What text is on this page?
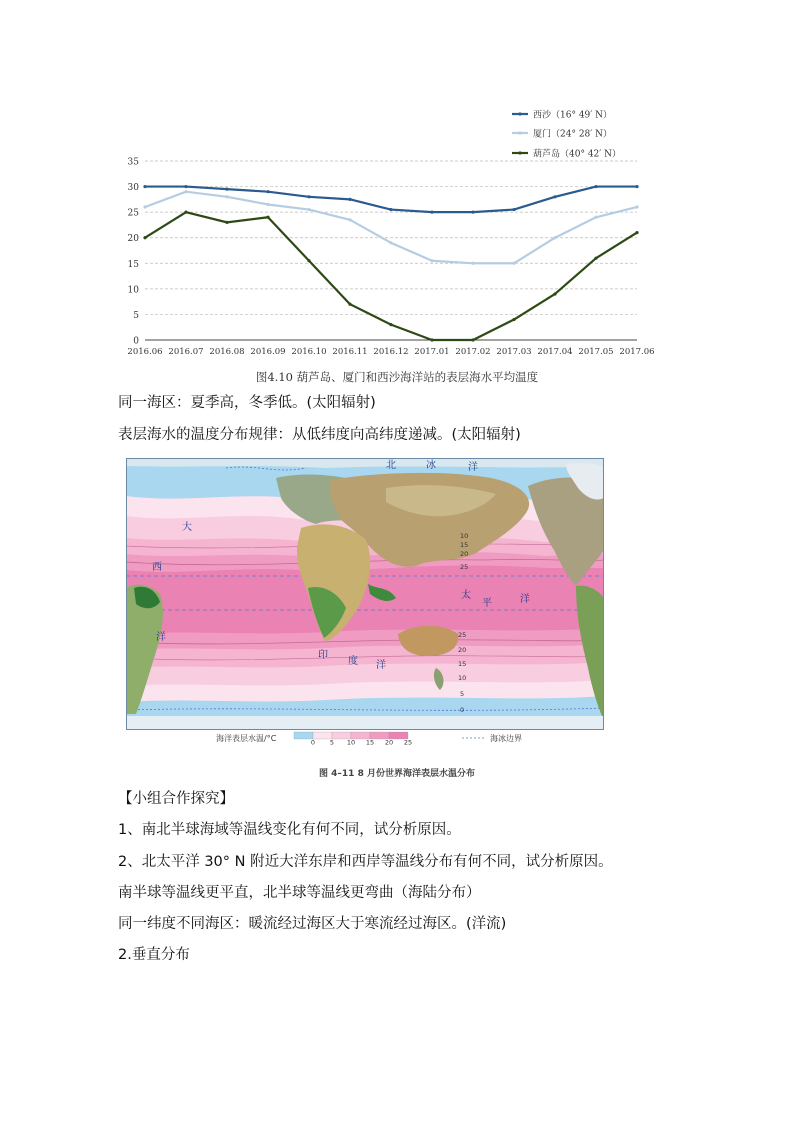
0
5
10
15
20
25
30
35
2016.06 2016.07 2016.08 2016.09 2016.10 2016.11 2016.12 2017.01 2017.02 2017.03 2017.04 2017.05 2017.06
西沙（16° 49′ N）
厦门（24° 28′ N）
葫芦岛（40° 42′ N）
图4.10 葫芦岛、厦门和西沙海洋站的表层海水平均温度
同一海区：夏季高，冬季低。(太阳辐射)
表层海水的温度分布规律：从低纬度向高纬度递减。(太阳辐射)
北	冰	洋
大
西
洋
太
平	洋
印
度 洋
10
15
20
25
25
20
15
10
5
0
海洋表层水温/°C	0 5 10 15 20 25	海冰边界
图 4–11 8 月份世界海洋表层水温分布
【小组合作探究】
1、南北半球海域等温线变化有何不同，试分析原因。
2、北太平洋 30° N 附近大洋东岸和西岸等温线分布有何不同，试分析原因。
南半球等温线更平直，北半球等温线更弯曲（海陆分布）
同一纬度不同海区：暖流经过海区大于寒流经过海区。(洋流)
2.垂直分布
